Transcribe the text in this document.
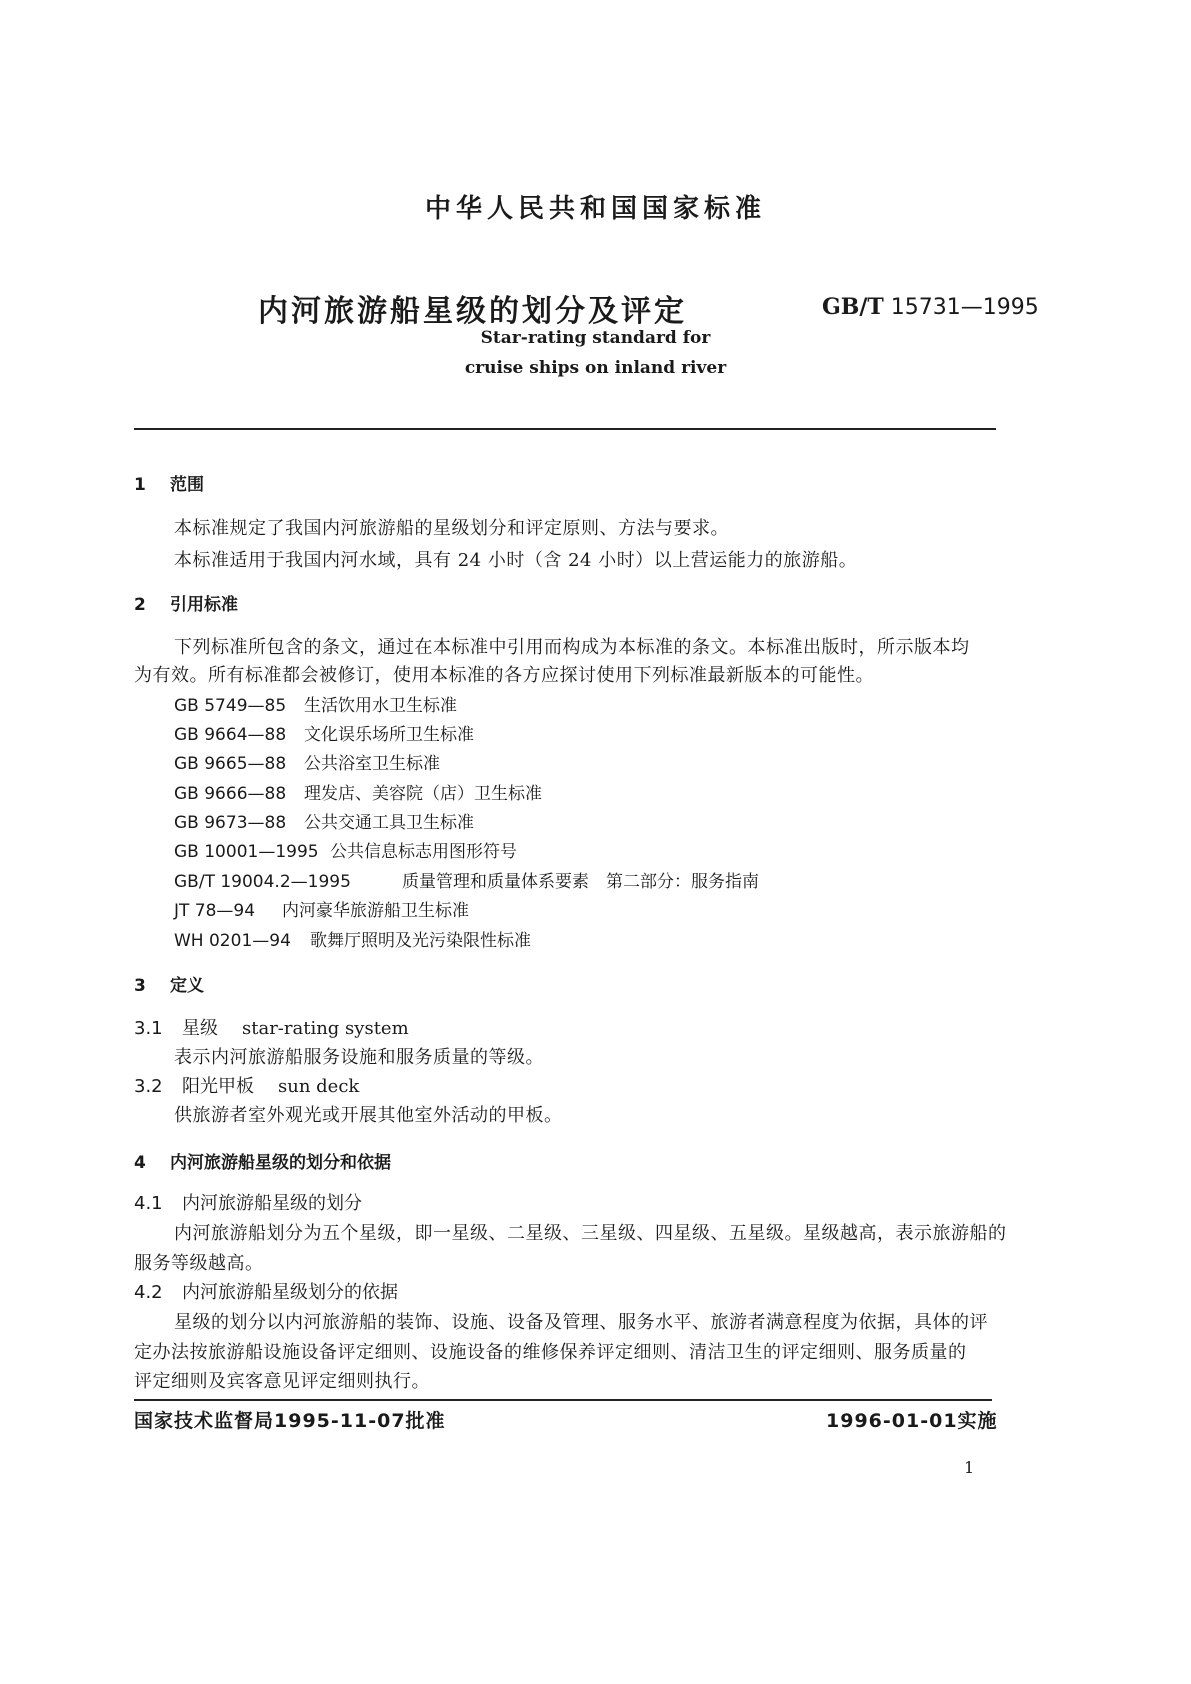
中华人民共和国国家标准
内河旅游船星级的划分及评定	GB/T 15731—1995
Star-rating standard for
cruise ships on inland river
1 范围
本标准规定了我国内河旅游船的星级划分和评定原则、方法与要求。
本标准适用于我国内河水域，具有 24 小时（含 24 小时）以上营运能力的旅游船。
2 引用标准
下列标准所包含的条文，通过在本标准中引用而构成为本标准的条文。本标准出版时，所示版本均
为有效。所有标准都会被修订，使用本标准的各方应探讨使用下列标准最新版本的可能性。
GB 5749—85 生活饮用水卫生标准
GB 9664—88 文化误乐场所卫生标准
GB 9665—88 公共浴室卫生标准
GB 9666—88 理发店、美容院（店）卫生标准
GB 9673—88 公共交通工具卫生标准
GB 10001—1995 公共信息标志用图形符号
GB/T 19004.2—1995	质量管理和质量体系要素　第二部分：服务指南
JT 78—94 内河豪华旅游船卫生标准
WH 0201—94 歌舞厅照明及光污染限性标准
3 定义
3.1 星级 star-rating system
表示内河旅游船服务设施和服务质量的等级。
3.2 阳光甲板 sun deck
供旅游者室外观光或开展其他室外活动的甲板。
4 内河旅游船星级的划分和依据
4.1 内河旅游船星级的划分
内河旅游船划分为五个星级，即一星级、二星级、三星级、四星级、五星级。星级越高，表示旅游船的
服务等级越高。
4.2 内河旅游船星级划分的依据
星级的划分以内河旅游船的装饰、设施、设备及管理、服务水平、旅游者满意程度为依据，具体的评
定办法按旅游船设施设备评定细则、设施设备的维修保养评定细则、清洁卫生的评定细则、服务质量的
评定细则及宾客意见评定细则执行。
国家技术监督局1995-11-07批准	1996-01-01实施
1
